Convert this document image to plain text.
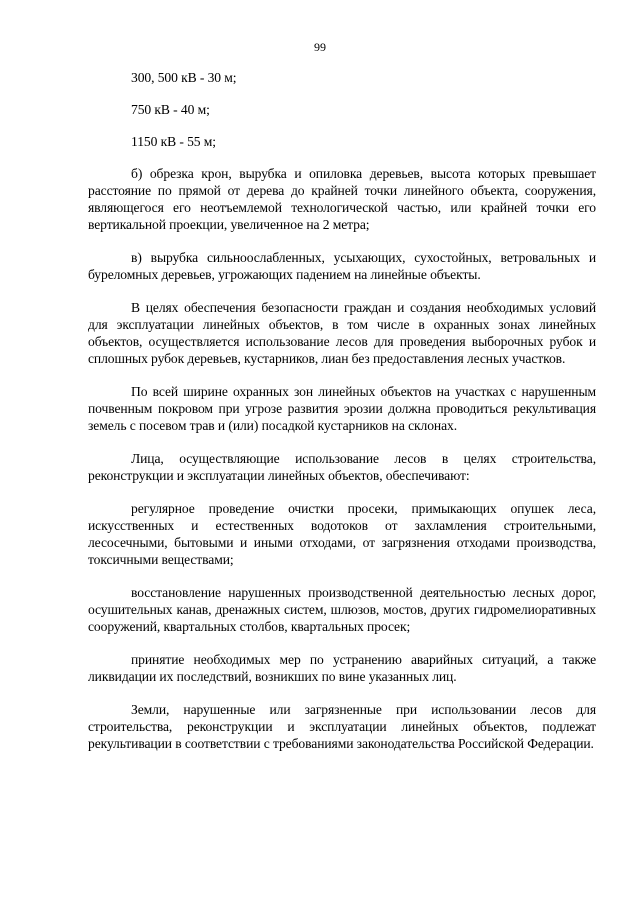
99

300, 500 кВ - 30 м;

750 кВ - 40 м;

1150 кВ - 55 м;

б) обрезка крон, вырубка и опиловка деревьев, высота которых превышает расстояние по прямой от дерева до крайней точки линейного объекта, сооружения, являющегося его неотъемлемой технологической частью, или крайней точки его вертикальной проекции, увеличенное на 2 метра;

в) вырубка сильноослабленных, усыхающих, сухостойных, ветровальных и буреломных деревьев, угрожающих падением на линейные объекты.

В целях обеспечения безопасности граждан и создания необходимых условий для эксплуатации линейных объектов, в том числе в охранных зонах линейных объектов, осуществляется использование лесов для проведения выборочных рубок и сплошных рубок деревьев, кустарников, лиан без предоставления лесных участков.

По всей ширине охранных зон линейных объектов на участках с нарушенным почвенным покровом при угрозе развития эрозии должна проводиться рекультивация земель с посевом трав и (или) посадкой кустарников на склонах.

Лица, осуществляющие использование лесов в целях строительства, реконструкции и эксплуатации линейных объектов, обеспечивают:

регулярное проведение очистки просеки, примыкающих опушек леса, искусственных и естественных водотоков от захламления строительными, лесосечными, бытовыми и иными отходами, от загрязнения отходами производства, токсичными веществами;

восстановление нарушенных производственной деятельностью лесных дорог, осушительных канав, дренажных систем, шлюзов, мостов, других гидромелиоративных сооружений, квартальных столбов, квартальных просек;

принятие необходимых мер по устранению аварийных ситуаций, а также ликвидации их последствий, возникших по вине указанных лиц.

Земли, нарушенные или загрязненные при использовании лесов для строительства, реконструкции и эксплуатации линейных объектов, подлежат рекультивации в соответствии с требованиями законодательства Российской Федерации.
